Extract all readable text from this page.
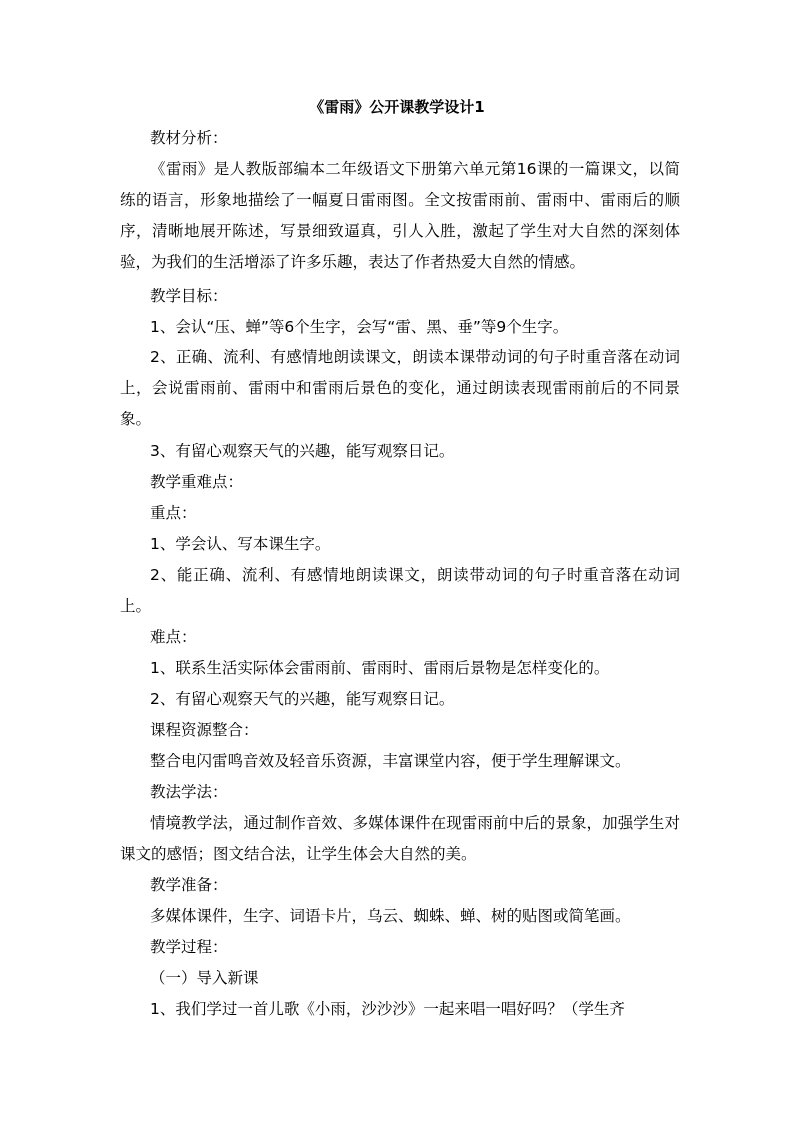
《雷雨》公开课教学设计1
教材分析：
《雷雨》是人教版部编本二年级语文下册第六单元第16课的一篇课文，以简练的语言，形象地描绘了一幅夏日雷雨图。全文按雷雨前、雷雨中、雷雨后的顺序，清晰地展开陈述，写景细致逼真，引人入胜，激起了学生对大自然的深刻体验，为我们的生活增添了许多乐趣，表达了作者热爱大自然的情感。
教学目标：
1、会认“压、蝉”等6个生字，会写“雷、黑、垂”等9个生字。
2、正确、流利、有感情地朗读课文，朗读本课带动词的句子时重音落在动词上，会说雷雨前、雷雨中和雷雨后景色的变化，通过朗读表现雷雨前后的不同景象。
3、有留心观察天气的兴趣，能写观察日记。
教学重难点：
重点：
1、学会认、写本课生字。
2、能正确、流利、有感情地朗读课文，朗读带动词的句子时重音落在动词上。
难点：
1、联系生活实际体会雷雨前、雷雨时、雷雨后景物是怎样变化的。
2、有留心观察天气的兴趣，能写观察日记。
课程资源整合：
整合电闪雷鸣音效及轻音乐资源，丰富课堂内容，便于学生理解课文。
教法学法：
情境教学法，通过制作音效、多媒体课件在现雷雨前中后的景象，加强学生对课文的感悟；图文结合法，让学生体会大自然的美。
教学准备：
多媒体课件，生字、词语卡片，乌云、蜘蛛、蝉、树的贴图或简笔画。
教学过程：
（一）导入新课
1、我们学过一首儿歌《小雨，沙沙沙》一起来唱一唱好吗？（学生齐
